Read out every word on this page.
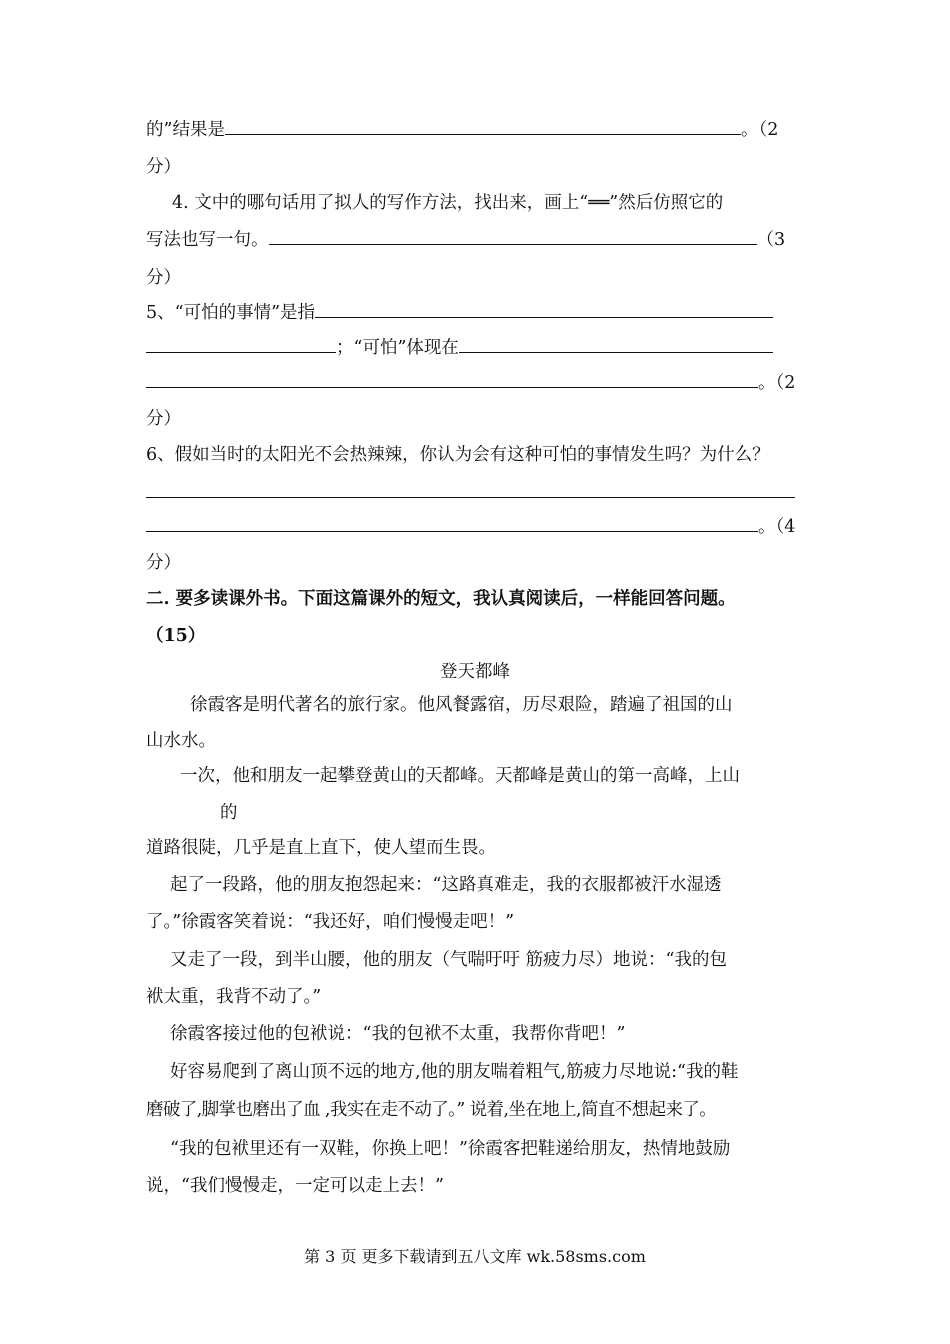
的”结果是	。（2
分）
4. 文中的哪句话用了拟人的写作方法，找出来，画上“══”然后仿照它的
写法也写一句。	（3
分）
5、“可怕的事情”是指
；“可怕”体现在
。（2
分）
6、假如当时的太阳光不会热辣辣，你认为会有这种可怕的事情发生吗？为什么？
。（4
分）
二. 要多读课外书。下面这篇课外的短文，我认真阅读后，一样能回答问题。
（15）
登天都峰
徐霞客是明代著名的旅行家。他风餐露宿，历尽艰险，踏遍了祖国的山
山水水。
一次，他和朋友一起攀登黄山的天都峰。天都峰是黄山的第一高峰，上山
的
道路很陡，几乎是直上直下，使人望而生畏。
起了一段路，他的朋友抱怨起来：“这路真难走，我的衣服都被汗水湿透
了。”徐霞客笑着说：“我还好，咱们慢慢走吧！”
又走了一段，到半山腰，他的朋友（气喘吁吁 筋疲力尽）地说：“我的包
袱太重，我背不动了。”
徐霞客接过他的包袱说：“我的包袱不太重，我帮你背吧！”
好容易爬到了离山顶不远的地方,他的朋友喘着粗气,筋疲力尽地说:“我的鞋
磨破了,脚掌也磨出了血 ,我实在走不动了。” 说着,坐在地上,简直不想起来了。
“我的包袱里还有一双鞋，你换上吧！”徐霞客把鞋递给朋友，热情地鼓励
说，“我们慢慢走，一定可以走上去！”
第 3 页 更多下载请到五八文库 wk.58sms.com
